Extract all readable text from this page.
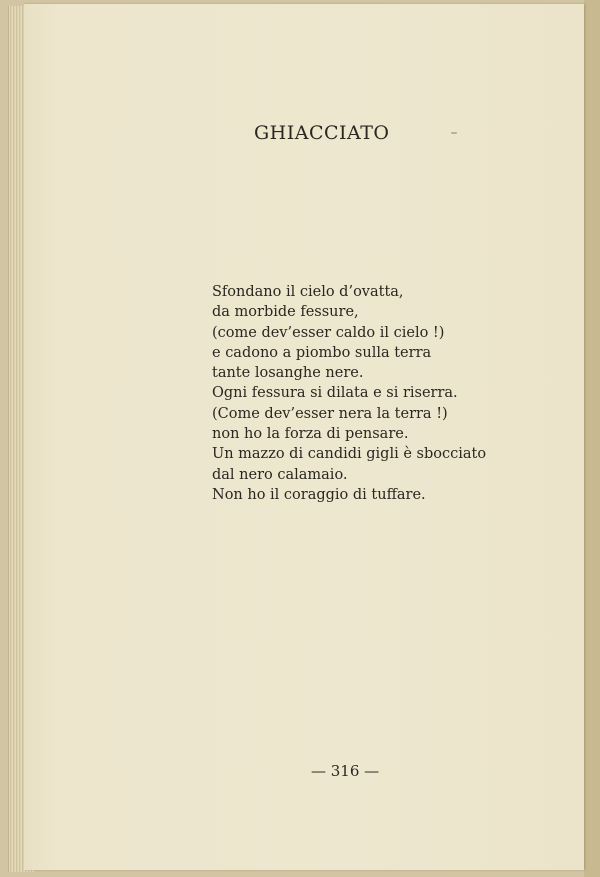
GHIACCIATO
Sfondano il cielo d’ovatta,
da morbide fessure,
(come dev’esser caldo il cielo !)
e cadono a piombo sulla terra
tante losanghe nere.
Ogni fessura si dilata e si riserra.
(Come dev’esser nera la terra !)
non ho la forza di pensare.
Un mazzo di candidi gigli è sbocciato
dal nero calamaio.
Non ho il coraggio di tuffare.
— 316 —
